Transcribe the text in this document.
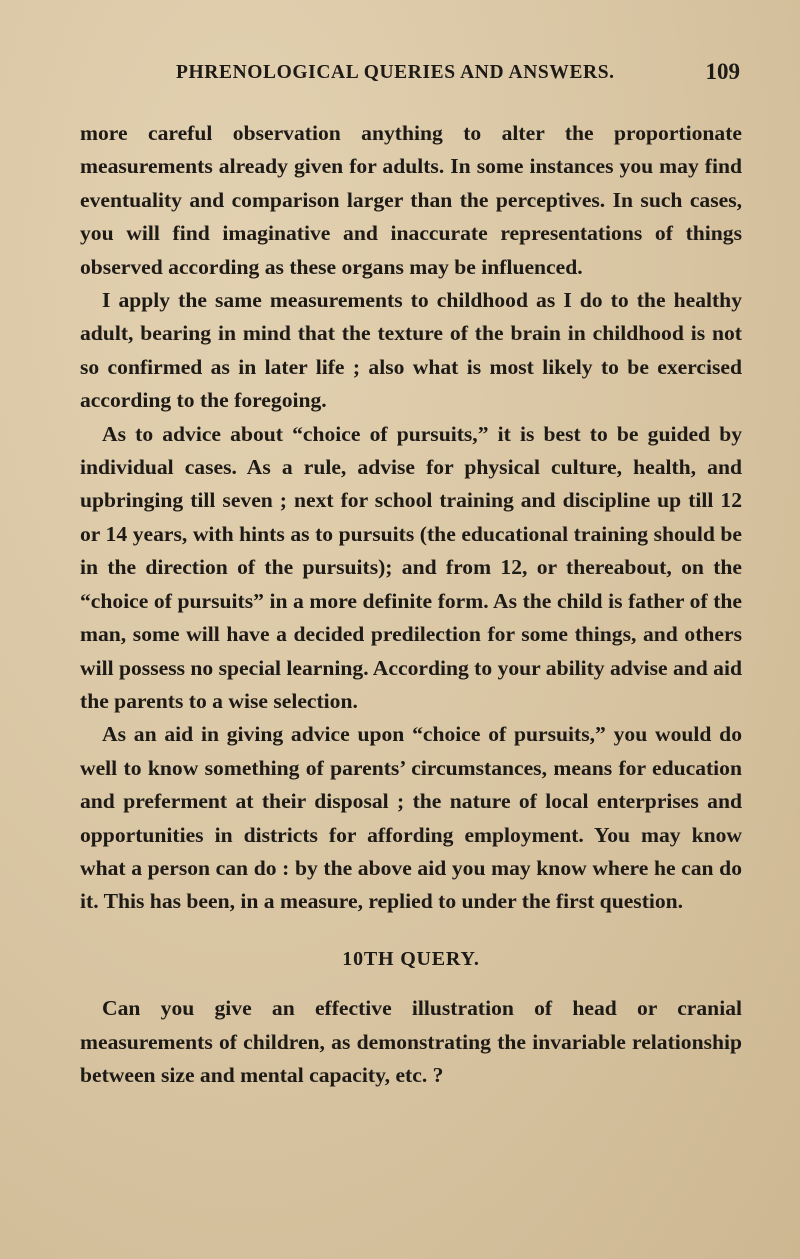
PHRENOLOGICAL QUERIES AND ANSWERS.	109

more careful observation anything to alter the proportionate measurements already given for adults. In some instances you may find eventuality and comparison larger than the perceptives. In such cases, you will find imaginative and inaccurate representations of things observed according as these organs may be influenced.

I apply the same measurements to childhood as I do to the healthy adult, bearing in mind that the texture of the brain in childhood is not so confirmed as in later life ; also what is most likely to be exercised according to the foregoing.

As to advice about “choice of pursuits,” it is best to be guided by individual cases. As a rule, advise for physical culture, health, and upbringing till seven ; next for school training and discipline up till 12 or 14 years, with hints as to pursuits (the educational training should be in the direction of the pursuits); and from 12, or thereabout, on the “choice of pursuits” in a more definite form. As the child is father of the man, some will have a decided predilection for some things, and others will possess no special learning. According to your ability advise and aid the parents to a wise selection.

As an aid in giving advice upon “choice of pursuits,” you would do well to know something of parents’ circumstances, means for education and preferment at their disposal ; the nature of local enterprises and opportunities in districts for affording employment. You may know what a person can do : by the above aid you may know where he can do it. This has been, in a measure, replied to under the first question.

10TH QUERY.

Can you give an effective illustration of head or cranial measurements of children, as demonstrating the invariable relationship between size and mental capacity, etc. ?
